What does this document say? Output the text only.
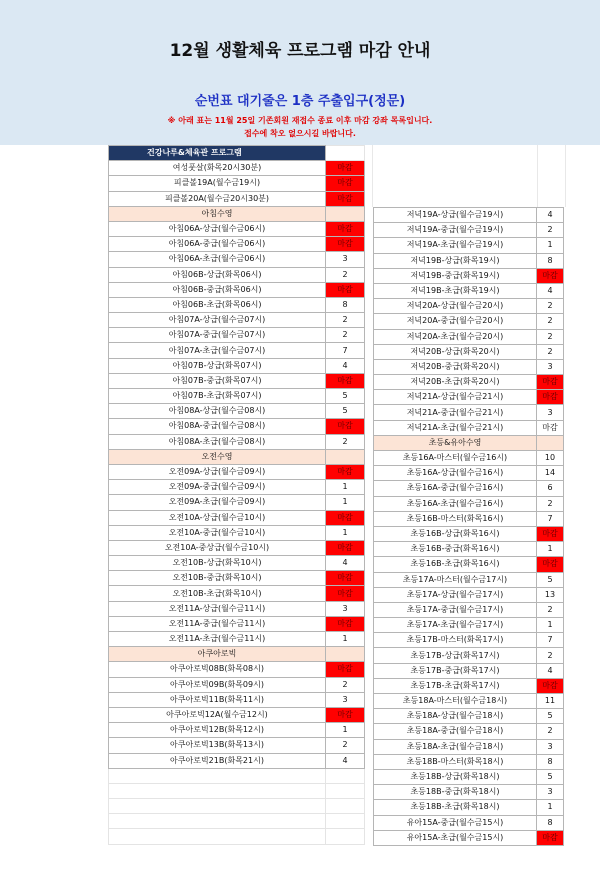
12월 생활체육 프로그램 마감 안내
순번표 대기줄은 1층 주출입구(정문)
※ 아래 표는 11월 25일 기존회원 재접수 종료 이후 마감 강좌 목록입니다.
접수에 착오 없으시길 바랍니다.
건강나루&체육관 프로그램	
여성풋살(화목20시30분)	마감
피클볼19A(월수금19시)	마감
피클볼20A(월수금20시30분)	마감
아침수영	
아침06A-상급(월수금06시)	마감
아침06A-중급(월수금06시)	마감
아침06A-초급(월수금06시)	3
아침06B-상급(화목06시)	2
아침06B-중급(화목06시)	마감
아침06B-초급(화목06시)	8
아침07A-상급(월수금07시)	2
아침07A-중급(월수금07시)	2
아침07A-초급(월수금07시)	7
아침07B-상급(화목07시)	4
아침07B-중급(화목07시)	마감
아침07B-초급(화목07시)	5
아침08A-상급(월수금08시)	5
아침08A-중급(월수금08시)	마감
아침08A-초급(월수금08시)	2
오전수영	
오전09A-상급(월수금09시)	마감
오전09A-중급(월수금09시)	1
오전09A-초급(월수금09시)	1
오전10A-상급(월수금10시)	마감
오전10A-중급(월수금10시)	1
오전10A-중상급(월수금10시)	마감
오전10B-상급(화목10시)	4
오전10B-중급(화목10시)	마감
오전10B-초급(화목10시)	마감
오전11A-상급(월수금11시)	3
오전11A-중급(월수금11시)	마감
오전11A-초급(월수금11시)	1
아쿠아로빅	
아쿠아로빅08B(화목08시)	마감
아쿠아로빅09B(화목09시)	2
아쿠아로빅11B(화목11시)	3
아쿠아로빅12A(월수금12시)	마감
아쿠아로빅12B(화목12시)	1
아쿠아로빅13B(화목13시)	2
아쿠아로빅21B(화목21시)	4

저녁19A-상급(월수금19시)	4
저녁19A-중급(월수금19시)	2
저녁19A-초급(월수금19시)	1
저녁19B-상급(화목19시)	8
저녁19B-중급(화목19시)	마감
저녁19B-초급(화목19시)	4
저녁20A-상급(월수금20시)	2
저녁20A-중급(월수금20시)	2
저녁20A-초급(월수금20시)	2
저녁20B-상급(화목20시)	2
저녁20B-중급(화목20시)	3
저녁20B-초급(화목20시)	마감
저녁21A-상급(월수금21시)	마감
저녁21A-중급(월수금21시)	3
저녁21A-초급(월수금21시)	마감
초등&유아수영	
초등16A-마스터(월수금16시)	10
초등16A-상급(월수금16시)	14
초등16A-중급(월수금16시)	6
초등16A-초급(월수금16시)	2
초등16B-마스터(화목16시)	7
초등16B-상급(화목16시)	마감
초등16B-중급(화목16시)	1
초등16B-초급(화목16시)	마감
초등17A-마스터(월수금17시)	5
초등17A-상급(월수금17시)	13
초등17A-중급(월수금17시)	2
초등17A-초급(월수금17시)	1
초등17B-마스터(화목17시)	7
초등17B-상급(화목17시)	2
초등17B-중급(화목17시)	4
초등17B-초급(화목17시)	마감
초등18A-마스터(월수금18시)	11
초등18A-상급(월수금18시)	5
초등18A-중급(월수금18시)	2
초등18A-초급(월수금18시)	3
초등18B-마스터(화목18시)	8
초등18B-상급(화목18시)	5
초등18B-중급(화목18시)	3
초등18B-초급(화목18시)	1
유아15A-중급(월수금15시)	8
유아15A-초급(월수금15시)	마감
